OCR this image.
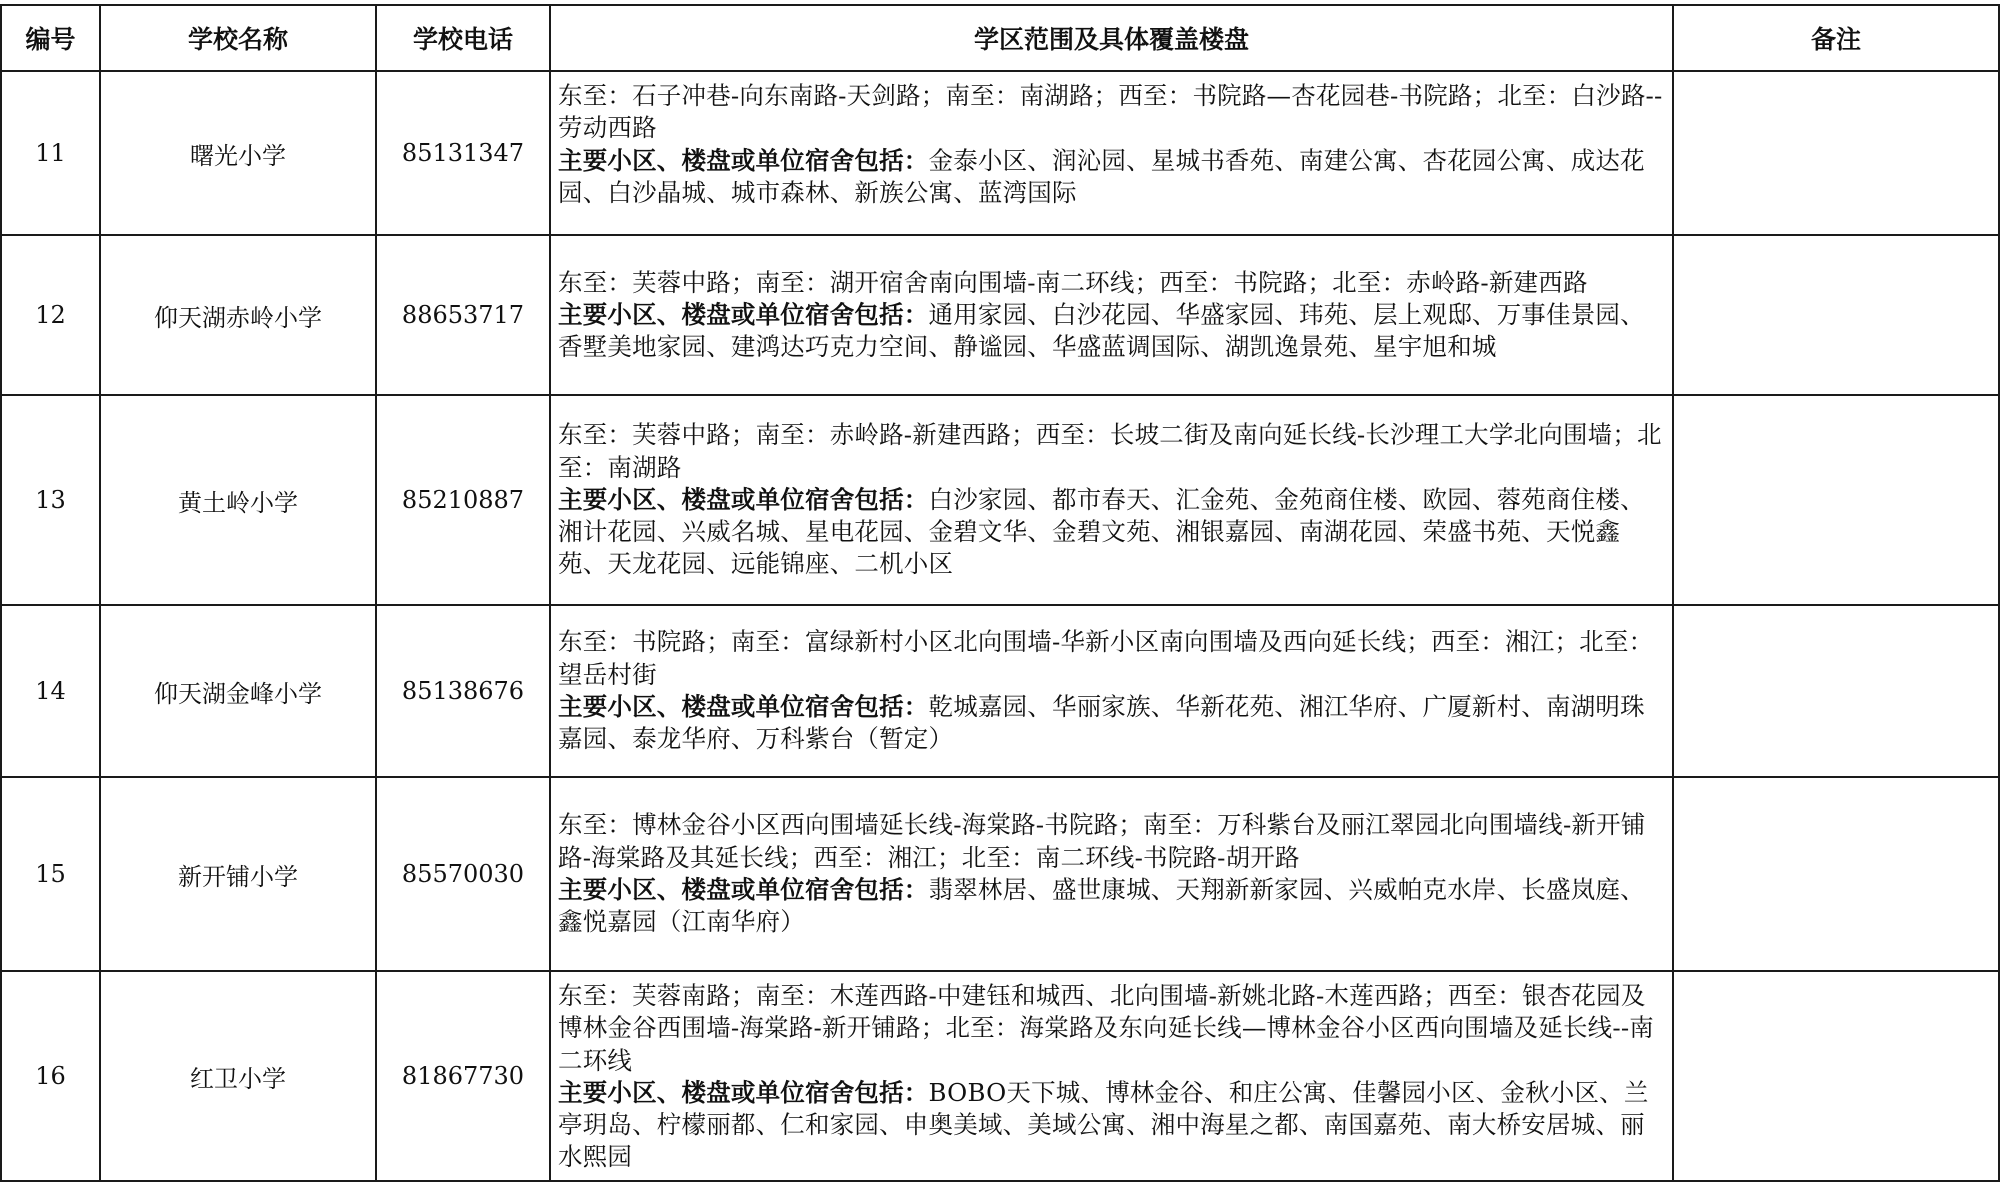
编号	学校名称	学校电话	学区范围及具体覆盖楼盘	备注
11	曙光小学	85131347	东至：石子冲巷-向东南路-天剑路；南至：南湖路；西至：书院路—杏花园巷-书院路；北至：白沙路--劳动西路
主要小区、楼盘或单位宿舍包括：金泰小区、润沁园、星城书香苑、南建公寓、杏花园公寓、成达花园、白沙晶城、城市森林、新族公寓、蓝湾国际	

12	仰天湖赤岭小学	88653717	东至：芙蓉中路；南至：湖开宿舍南向围墙-南二环线；西至：书院路；北至：赤岭路-新建西路
主要小区、楼盘或单位宿舍包括：通用家园、白沙花园、华盛家园、玮苑、层上观邸、万事佳景园、香墅美地家园、建鸿达巧克力空间、静谧园、华盛蓝调国际、湖凯逸景苑、星宇旭和城	

13	黄土岭小学	85210887	东至：芙蓉中路；南至：赤岭路-新建西路；西至：长坡二街及南向延长线-长沙理工大学北向围墙；北至：南湖路
主要小区、楼盘或单位宿舍包括：白沙家园、都市春天、汇金苑、金苑商住楼、欧园、蓉苑商住楼、湘计花园、兴威名城、星电花园、金碧文华、金碧文苑、湘银嘉园、南湖花园、荣盛书苑、天悦鑫苑、天龙花园、远能锦座、二机小区	

14	仰天湖金峰小学	85138676	东至：书院路；南至：富绿新村小区北向围墙-华新小区南向围墙及西向延长线；西至：湘江；北至：望岳村街
主要小区、楼盘或单位宿舍包括：乾城嘉园、华丽家族、华新花苑、湘江华府、广厦新村、南湖明珠嘉园、泰龙华府、万科紫台（暂定）	

15	新开铺小学	85570030	东至：博林金谷小区西向围墙延长线-海棠路-书院路；南至：万科紫台及丽江翠园北向围墙线-新开铺路-海棠路及其延长线；西至：湘江；北至：南二环线-书院路-胡开路
主要小区、楼盘或单位宿舍包括：翡翠林居、盛世康城、天翔新新家园、兴威帕克水岸、长盛岚庭、鑫悦嘉园（江南华府）	

16	红卫小学	81867730	东至：芙蓉南路；南至：木莲西路-中建钰和城西、北向围墙-新姚北路-木莲西路；西至：银杏花园及博林金谷西围墙-海棠路-新开铺路；北至：海棠路及东向延长线—博林金谷小区西向围墙及延长线--南二环线
主要小区、楼盘或单位宿舍包括：BOBO天下城、博林金谷、和庄公寓、佳馨园小区、金秋小区、兰亭玥岛、柠檬丽都、仁和家园、申奥美域、美域公寓、湘中海星之都、南国嘉苑、南大桥安居城、丽水熙园	
